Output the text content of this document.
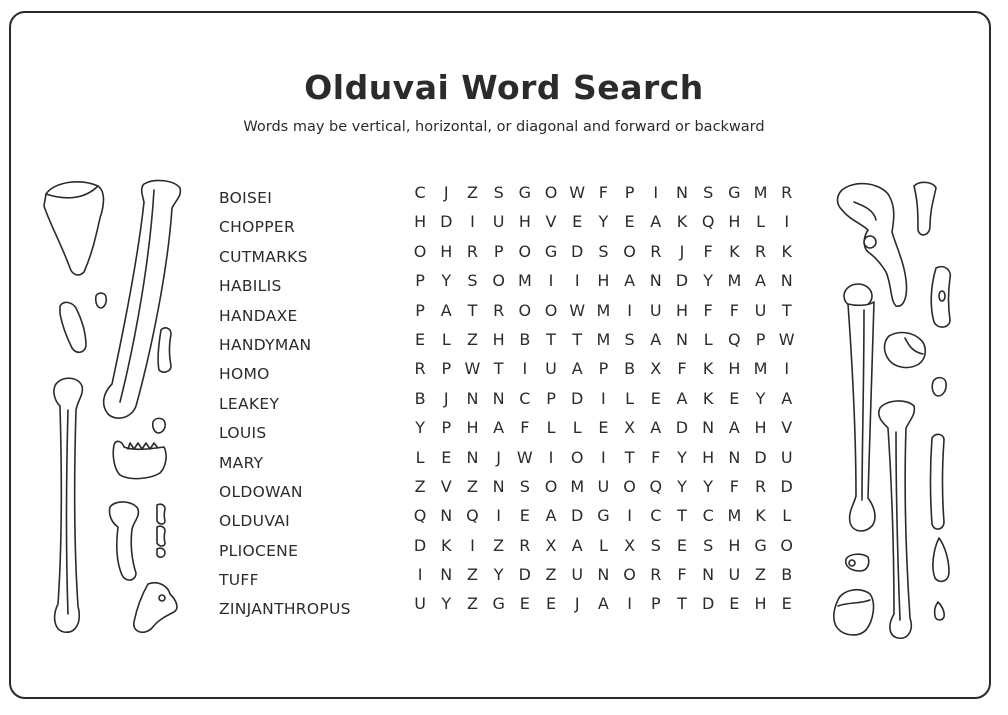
Olduvai Word Search

Words may be vertical, horizontal, or diagonal and forward or backward

BOISEI
CHOPPER
CUTMARKS
HABILIS
HANDAXE
HANDYMAN
HOMO
LEAKEY
LOUIS
MARY
OLDOWAN
OLDUVAI
PLIOCENE
TUFF
ZINJANTHROPUS
C	J	Z S G O W F	P	I	N S G M R
H D	I	U H V E	Y	E A K Q H L	I
O H R P O G D S O R	J	F	K R K
P	Y	S O M	I	I	H A N D Y M A N
P A T R O O W M	I	U H F	F U T
E	L	Z H B T	T M S A N L Q P W
R P W T	I	U A P B X	F	K H M	I
B	J	N N C P D	I	L	E A K E	Y A
Y	P H A	F	L	L	E X A D N A H V
L	E N	J W I	O	I	T	F	Y H N D U
Z V Z N S O M U O Q Y	Y	F	R D
Q N Q	I	E A D G	I	C T C M K	L
D K	I	Z R X A	L	X S	E	S H G O
I	N Z Y D Z U N O R	F N U Z B
U Y Z G E	E	J	A	I	P	T D E H E
